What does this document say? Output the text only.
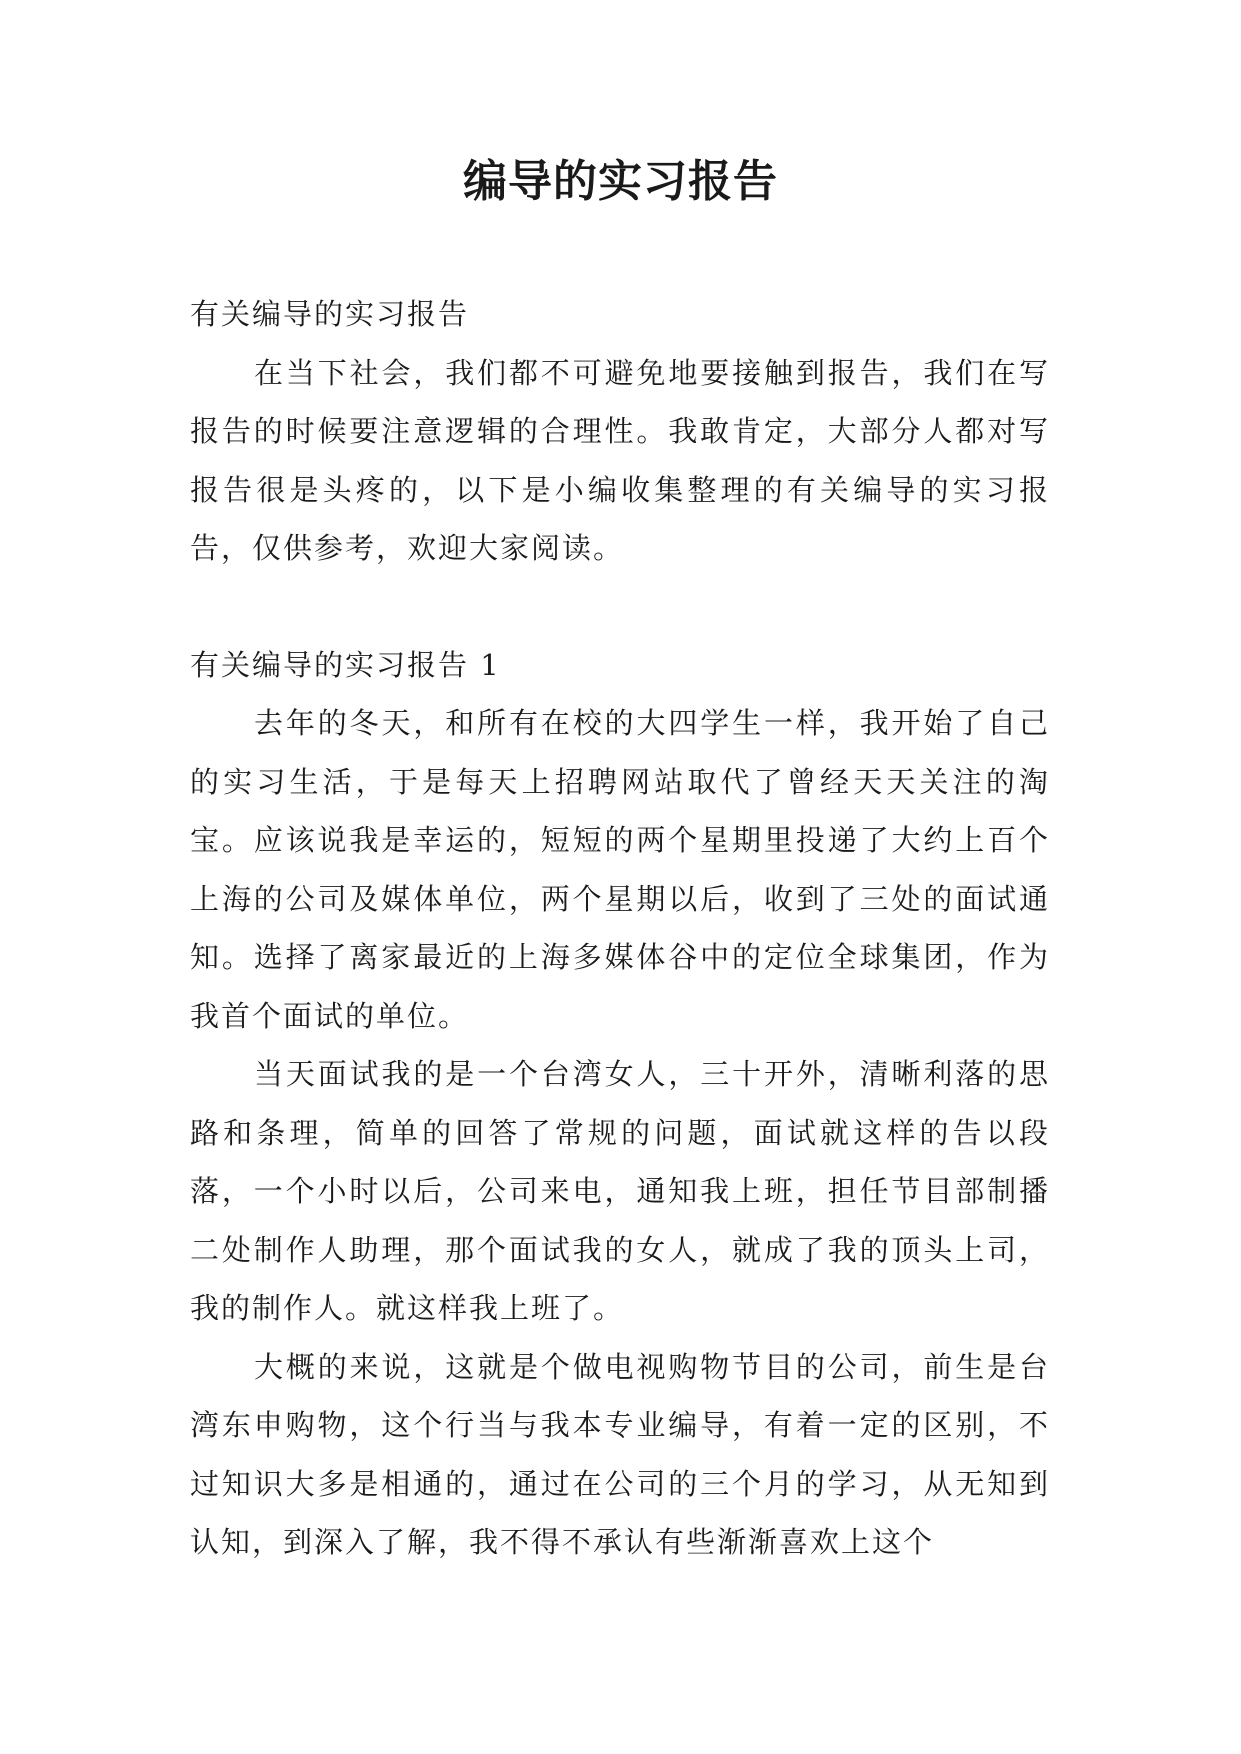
编导的实习报告

有关编导的实习报告

在当下社会，我们都不可避免地要接触到报告，我们在写报告的时候要注意逻辑的合理性。我敢肯定，大部分人都对写报告很是头疼的，以下是小编收集整理的有关编导的实习报告，仅供参考，欢迎大家阅读。

有关编导的实习报告 1

去年的冬天，和所有在校的大四学生一样，我开始了自己的实习生活，于是每天上招聘网站取代了曾经天天关注的淘宝。应该说我是幸运的，短短的两个星期里投递了大约上百个上海的公司及媒体单位，两个星期以后，收到了三处的面试通知。选择了离家最近的上海多媒体谷中的定位全球集团，作为我首个面试的单位。

当天面试我的是一个台湾女人，三十开外，清晰利落的思路和条理，简单的回答了常规的问题，面试就这样的告以段落，一个小时以后，公司来电，通知我上班，担任节目部制播二处制作人助理，那个面试我的女人，就成了我的顶头上司，我的制作人。就这样我上班了。

大概的来说，这就是个做电视购物节目的公司，前生是台湾东申购物，这个行当与我本专业编导，有着一定的区别，不过知识大多是相通的，通过在公司的三个月的学习，从无知到认知，到深入了解，我不得不承认有些渐渐喜欢上这个
